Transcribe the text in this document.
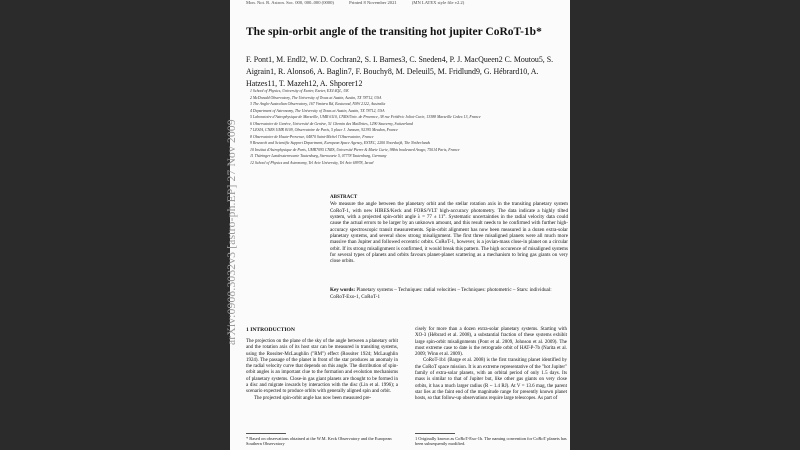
Mon. Not. R. Astron. Soc. 000, 000–000 (0000)	Printed 8 November 2021	(MN LATEX style file v2.2)
The spin-orbit angle of the transiting hot jupiter CoRoT-1b*
F. Pont1, M. Endl2, W. D. Cochran2, S. I. Barnes3, C. Sneden4, P. J. MacQueen2 C. Moutou5, S. Aigrain1, R. Alonso6, A. Baglin7, F. Bouchy8, M. Deleuil5, M. Fridlund9, G. Hébrard10, A. Hatzes11, T. Mazeh12, A. Shporer12
1 School of Physics, University of Exeter, Exeter, EX4 4QL, UK
2 McDonald Observatory, The University of Texas at Austin, Austin, TX 78712, USA
3 The Anglo-Australian Observatory, 167 Vimiera Rd, Eastwood, NSW 2122, Australia
4 Department of Astronomy, The University of Texas at Austin, Austin, TX 78712, USA
5 Laboratoire d'Astrophysique de Marseille, UMR 6110, CNRS/Univ. de Provence, 38 rue Frédéric Joliot-Curie, 13388 Marseille Cedex 13, France
6 Observatoire de Genève, Université de Genève, 51 Chemin des Maillettes, 1290 Sauverny, Switzerland
7 LESIA, CNRS UMR 8109, Observatoire de Paris, 5 place J. Janssen, 92195 Meudon, France
8 Observatoire de Haute-Provence, 04870 Saint-Michel l'Observatoire, France
9 Research and Scientific Support Department, European Space Agency, ESTEC, 2200 Noordwijk, The Netherlands
10 Institut d'Astrophysique de Paris, UMR7095 CNRS, Université Pierre & Marie Curie, 98bis boulevard Arago, 75014 Paris, France
11 Thüringer Landessternwarte Tautenburg, Sternwarte 5, 07778 Tautenburg, Germany
12 School of Physics and Astronomy, Tel Aviv University, Tel Aviv 69978, Israel
ABSTRACT
We measure the angle between the planetary orbit and the stellar rotation axis in the transiting planetary system CoRoT-1, with new HIRES/Keck and FORS/VLT high-accuracy photometry. The data indicate a highly tilted system, with a projected spin-orbit angle λ = 77 ± 11°. Systematic uncertainties in the radial velocity data could cause the actual errors to be larger by an unknown amount, and this result needs to be confirmed with further high-accuracy spectroscopic transit measurements. Spin-orbit alignment has now been measured in a dozen extra-solar planetary systems, and several show strong misalignment. The first three misaligned planets were all much more massive than Jupiter and followed eccentric orbits. CoRoT-1, however, is a jovian-mass close-in planet on a circular orbit. If its strong misalignment is confirmed, it would break this pattern. The high occurence of misaligned systems for several types of planets and orbits favours planet-planet scattering as a mechanism to bring gas giants on very close orbits.
Key words: Planetary systems – Techniques: radial velocities – Techniques: photometric – Stars: individual: CoRoT-Exo-1, CoRoT-1
1 INTRODUCTION

The projection on the plane of the sky of the angle between a planetary orbit and the rotation axis of its host star can be measured in transiting systems, using the Rossiter-McLaughlin ("RM") effect (Rossiter 1924; McLaughlin 1924). The passage of the planet in front of the star produces an anomaly in the radial velocity curve that depends on this angle. The distribution of spin-orbit angles is an important clue to the formation and evolution mechanisms of planetary systems. Close-in gas giant planets are thought to be formed in a disc and migrate inwards by interaction with the disc (Lin et al. 1996); a scenario expected to produce orbits with generally aligned spin and orbit.

The projected spin-orbit angle has now been measured pre-

cisely for more than a dozen extra-solar planetary systems. Starting with XO-3 (Hébrard et al. 2008), a substantial fraction of these systems exhibit large spin-orbit misalignments (Pont et al. 2009, Johnson et al. 2009). The most extreme case to date is the retrograde orbit of HAT-P-7b (Narita et al. 2009; Winn et al. 2009).

CoRoT-1b1 (Barge et al. 2008) is the first transiting planet identified by the CoRoT space mission. It is an extreme representative of the "hot Jupiter" family of extra-solar planets, with an orbital period of only 1.5 days. Its mass is similar to that of Jupiter but, like other gas giants on very close orbits, it has a much larger radius (R ~ 1.4 RJ). At V = 13.6 mag, the parent star lies at the faint end of the magnitude range for presently known planet hosts, so that follow-up observations require large telescopes. As part of

* Based on observations obtained at the W.M. Keck Observatory and the European Southern Observatory
1 Originally known as CoRoT-Exo-1b. The naming convention for CoRoT planets has been subsequently modified.
arXiv:0908.3032v3 [astro-ph.EP] 27 Nov 2009
